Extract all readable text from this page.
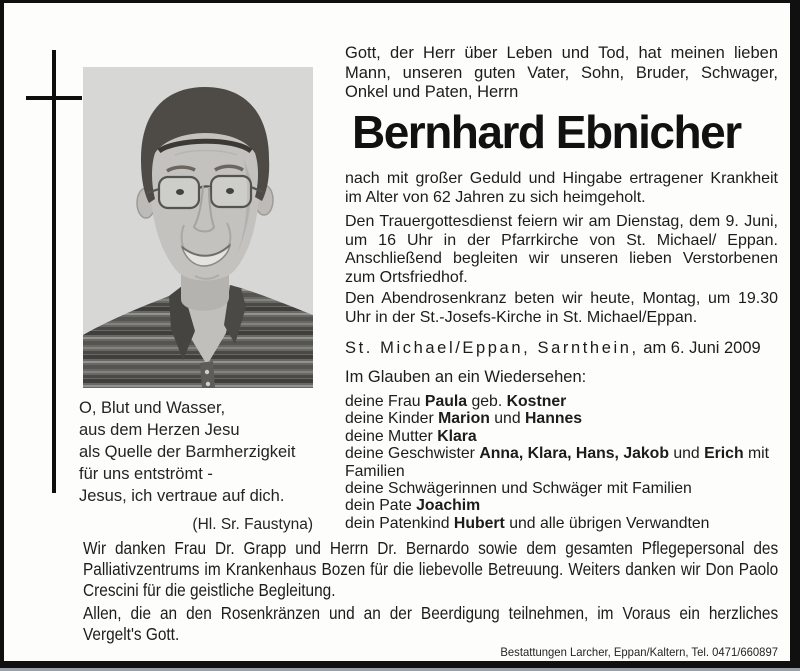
O, Blut und Wasser,
aus dem Herzen Jesu
als Quelle der Barmherzigkeit
für uns entströmt -
Jesus, ich vertraue auf dich.
(Hl. Sr. Faustyna)

Gott, der Herr über Leben und Tod, hat meinen lieben Mann, unseren guten Vater, Sohn, Bruder, Schwager, Onkel und Paten, Herrn

Bernhard Ebnicher

nach mit großer Geduld und Hingabe ertragener Krankheit im Alter von 62 Jahren zu sich heimgeholt.

Den Trauergottesdienst feiern wir am Dienstag, dem 9. Juni, um 16 Uhr in der Pfarrkirche von St. Michael/ Eppan. Anschließend begleiten wir unseren lieben Verstorbenen zum Ortsfriedhof.

Den Abendrosenkranz beten wir heute, Montag, um 19.30 Uhr in der St.-Josefs-Kirche in St. Michael/Eppan.

St. Michael/Eppan, Sarnthein, am 6. Juni 2009

Im Glauben an ein Wiedersehen:

deine Frau Paula geb. Kostner
deine Kinder Marion und Hannes
deine Mutter Klara
deine Geschwister Anna, Klara, Hans, Jakob und Erich mit Familien
deine Schwägerinnen und Schwäger mit Familien
dein Pate Joachim
dein Patenkind Hubert und alle übrigen Verwandten

Wir danken Frau Dr. Grapp und Herrn Dr. Bernardo sowie dem gesamten Pflegepersonal des Palliativzentrums im Krankenhaus Bozen für die liebevolle Betreuung. Weiters danken wir Don Paolo Crescini für die geistliche Begleitung.

Allen, die an den Rosenkränzen und an der Beerdigung teilnehmen, im Voraus ein herzliches Vergelt's Gott.

Bestattungen Larcher, Eppan/Kaltern, Tel. 0471/660897
